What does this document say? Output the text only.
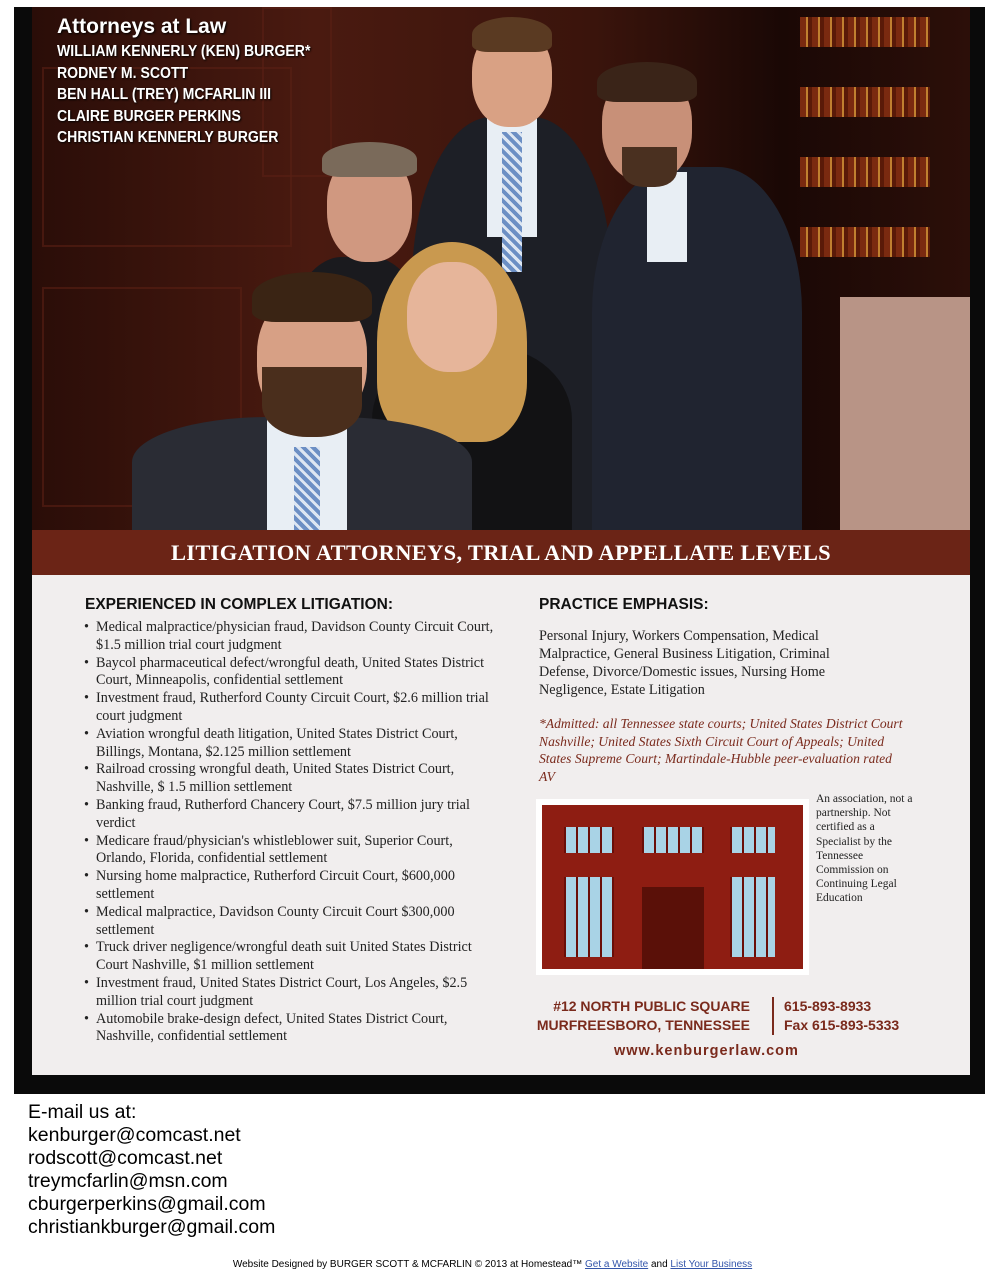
Attorneys at Law
WILLIAM KENNERLY (KEN) BURGER*
RODNEY M. SCOTT
BEN HALL (TREY) MCFARLIN III
CLAIRE BURGER PERKINS
CHRISTIAN KENNERLY BURGER
LITIGATION ATTORNEYS, TRIAL AND APPELLATE LEVELS
EXPERIENCED IN COMPLEX LITIGATION:
• Medical malpractice/physician fraud, Davidson County Circuit Court, $1.5 million trial court judgment
• Baycol pharmaceutical defect/wrongful death, United States District Court, Minneapolis, confidential settlement
• Investment fraud, Rutherford County Circuit Court, $2.6 million trial court judgment
• Aviation wrongful death litigation, United States District Court, Billings, Montana, $2.125 million settlement
• Railroad crossing wrongful death, United States District Court, Nashville, $ 1.5 million settlement
• Banking fraud, Rutherford Chancery Court, $7.5 million jury trial verdict
• Medicare fraud/physician's whistleblower suit, Superior Court, Orlando, Florida, confidential settlement
• Nursing home malpractice, Rutherford Circuit Court, $600,000 settlement
• Medical malpractice, Davidson County Circuit Court $300,000 settlement
• Truck driver negligence/wrongful death suit United States District Court Nashville, $1 million settlement
• Investment fraud, United States District Court, Los Angeles, $2.5 million trial court judgment
• Automobile brake-design defect, United States District Court, Nashville, confidential settlement
PRACTICE EMPHASIS:
Personal Injury, Workers Compensation, Medical Malpractice, General Business Litigation, Criminal Defense, Divorce/Domestic issues, Nursing Home Negligence, Estate Litigation
*Admitted: all Tennessee state courts; United States District Court Nashville; United States Sixth Circuit Court of Appeals; United States Supreme Court; Martindale-Hubble peer-evaluation rated AV
An association, not a partnership. Not certified as a Specialist by the Tennessee Commission on Continuing Legal Education
#12 NORTH PUBLIC SQUARE
MURFREESBORO, TENNESSEE
615-893-8933
Fax 615-893-5333
www.kenburgerlaw.com
E-mail us at:
kenburger@comcast.net
rodscott@comcast.net
treymcfarlin@msn.com
cburgerperkins@gmail.com
christiankburger@gmail.com
Website Designed by BURGER SCOTT & MCFARLIN © 2013 at Homestead™ Get a Website and List Your Business
